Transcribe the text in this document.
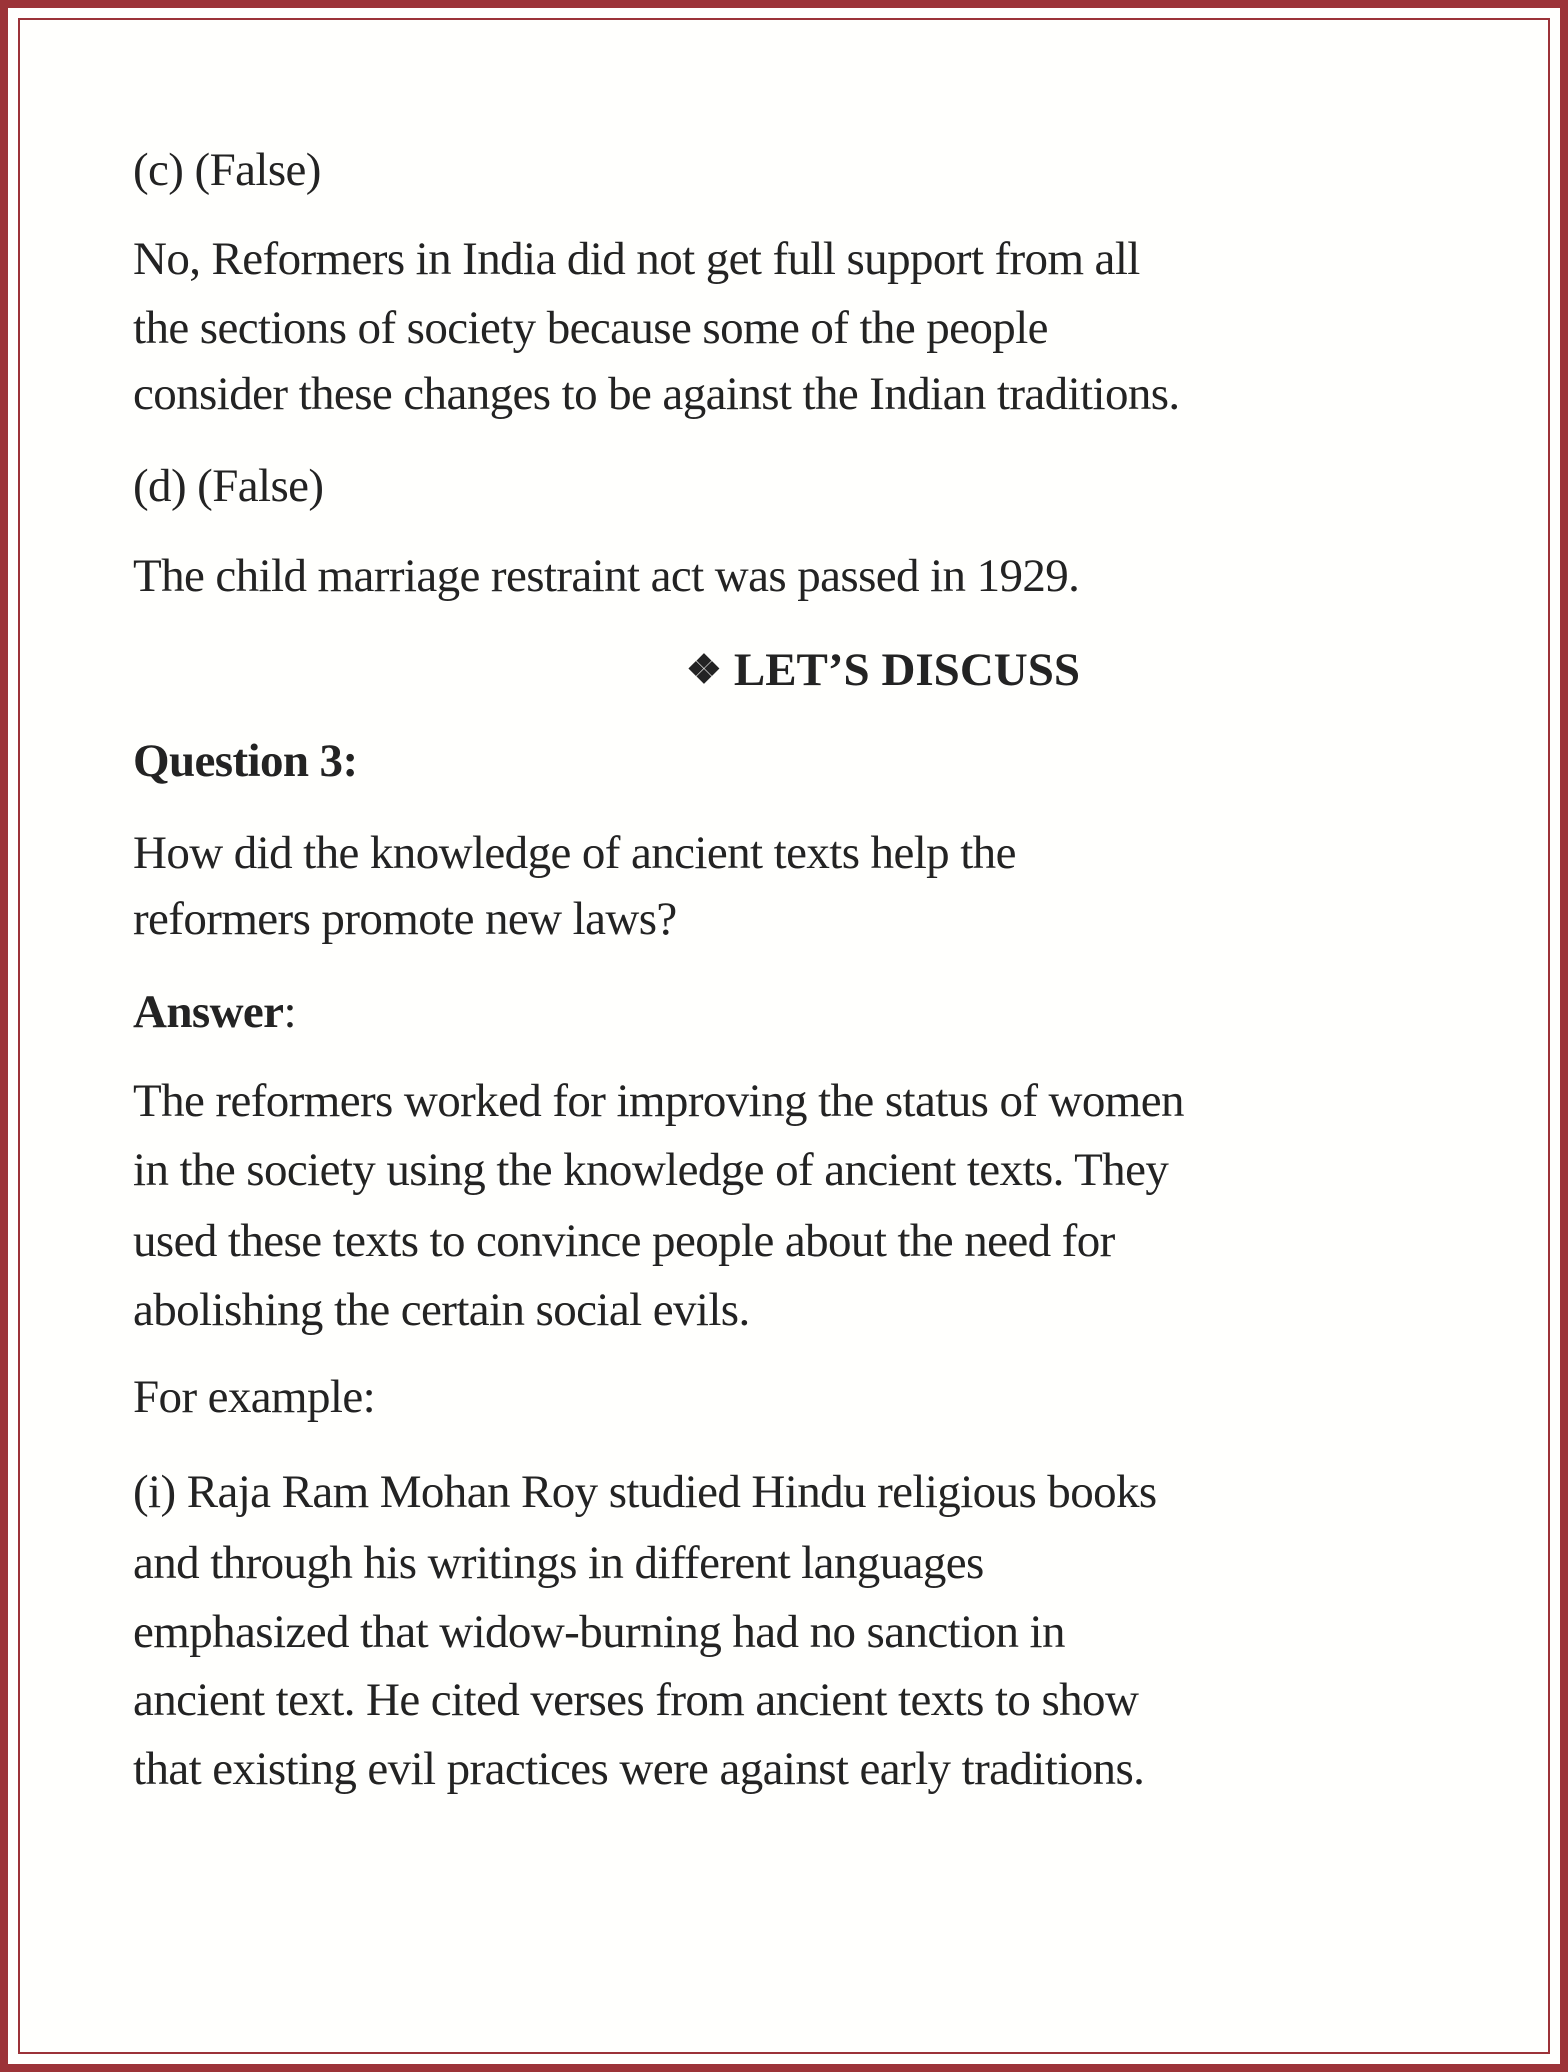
(c) (False)
No, Reformers in India did not get full support from all
the sections of society because some of the people
consider these changes to be against the Indian traditions.
(d) (False)
The child marriage restraint act was passed in 1929.
❖ LET’S DISCUSS
Question 3:
How did the knowledge of ancient texts help the
reformers promote new laws?
Answer:
The reformers worked for improving the status of women
in the society using the knowledge of ancient texts. They
used these texts to convince people about the need for
abolishing the certain social evils.
For example:
(i) Raja Ram Mohan Roy studied Hindu religious books
and through his writings in different languages
emphasized that widow-burning had no sanction in
ancient text. He cited verses from ancient texts to show
that existing evil practices were against early traditions.
